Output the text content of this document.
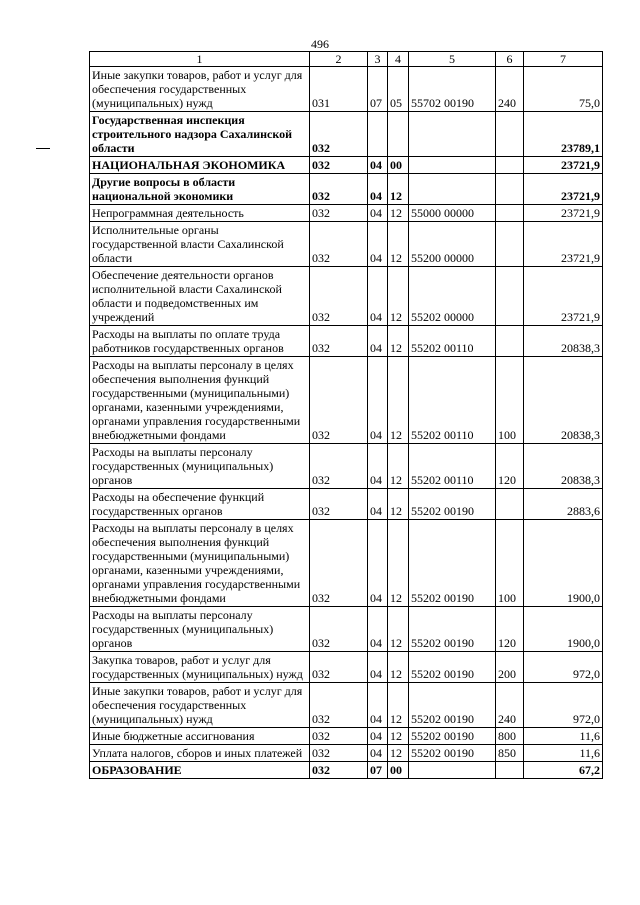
496
1	2	3	4	5	6	7
Иные закупки товаров, работ и услуг для обеспечения государственных (муниципальных) нужд	031	07	05	55702 00190	240	75,0
Государственная инспекция строительного надзора Сахалинской области	032					23789,1
НАЦИОНАЛЬНАЯ ЭКОНОМИКА	032	04	00			23721,9
Другие вопросы в области национальной экономики	032	04	12			23721,9
Непрограммная деятельность	032	04	12	55000 00000		23721,9
Исполнительные органы государственной власти Сахалинской области	032	04	12	55200 00000		23721,9
Обеспечение деятельности органов исполнительной власти Сахалинской области и подведомственных им учреждений	032	04	12	55202 00000		23721,9
Расходы на выплаты по оплате труда работников государственных органов	032	04	12	55202 00110		20838,3
Расходы на выплаты персоналу в целях обеспечения выполнения функций государственными (муниципальными) органами, казенными учреждениями, органами управления государственными внебюджетными фондами	032	04	12	55202 00110	100	20838,3
Расходы на выплаты персоналу государственных (муниципальных) органов	032	04	12	55202 00110	120	20838,3
Расходы на обеспечение функций государственных органов	032	04	12	55202 00190		2883,6
Расходы на выплаты персоналу в целях обеспечения выполнения функций государственными (муниципальными) органами, казенными учреждениями, органами управления государственными внебюджетными фондами	032	04	12	55202 00190	100	1900,0
Расходы на выплаты персоналу государственных (муниципальных) органов	032	04	12	55202 00190	120	1900,0
Закупка товаров, работ и услуг для государственных (муниципальных) нужд	032	04	12	55202 00190	200	972,0
Иные закупки товаров, работ и услуг для обеспечения государственных (муниципальных) нужд	032	04	12	55202 00190	240	972,0
Иные бюджетные ассигнования	032	04	12	55202 00190	800	11,6
Уплата налогов, сборов и иных платежей	032	04	12	55202 00190	850	11,6
ОБРАЗОВАНИЕ	032	07	00			67,2
